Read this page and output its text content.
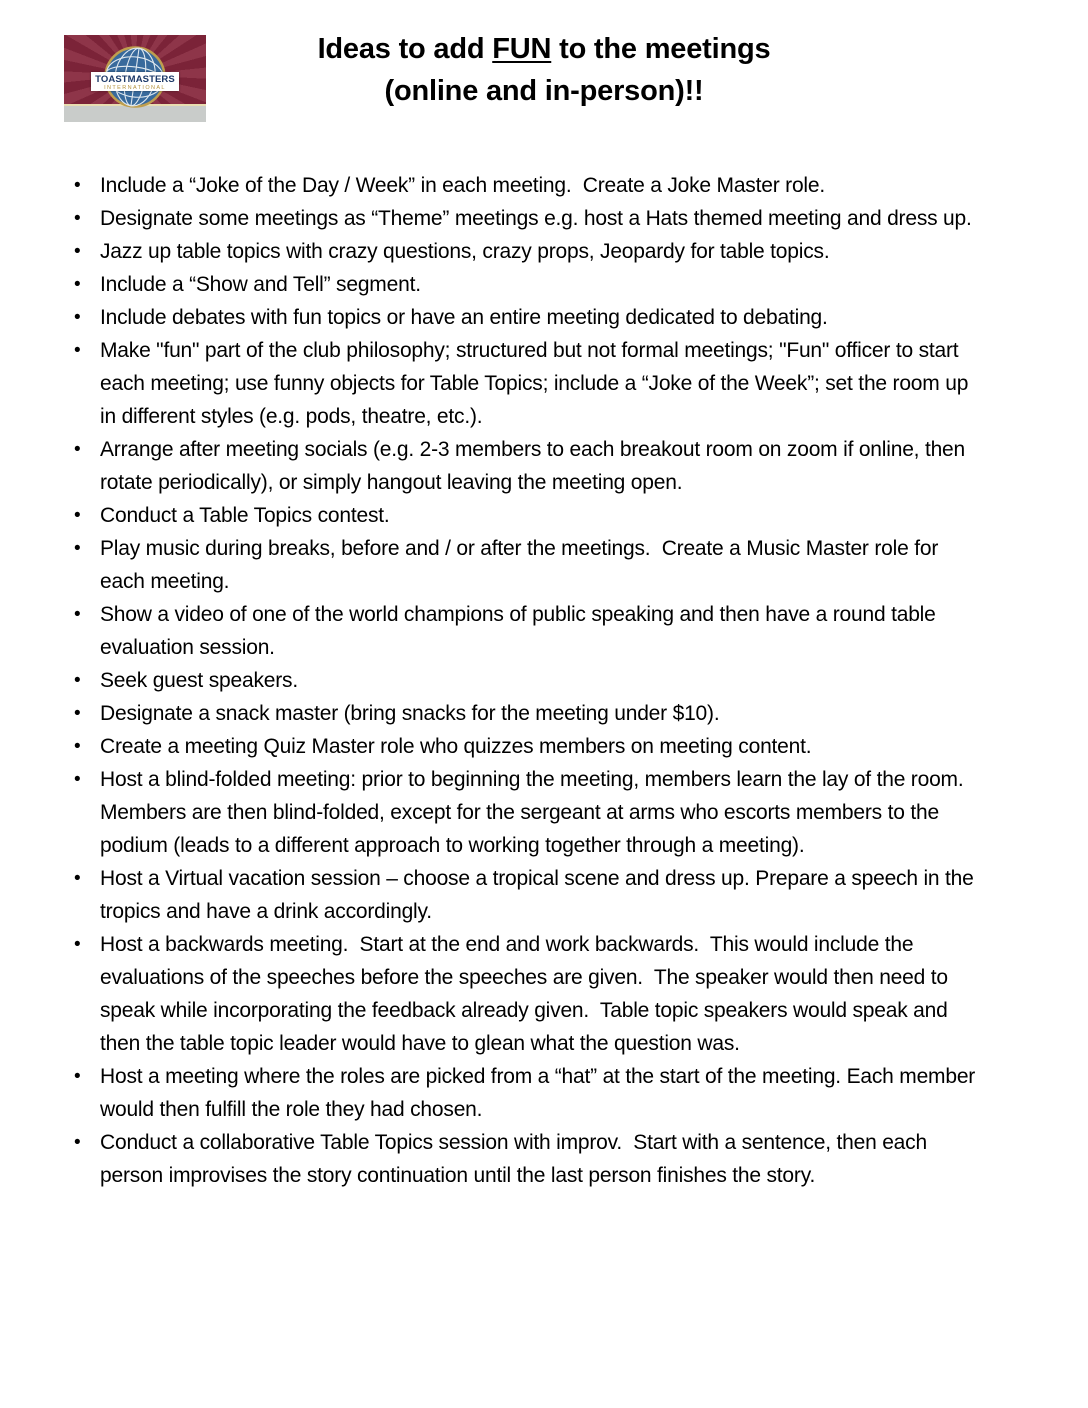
TOASTMASTERS
INTERNATIONAL
Ideas to add FUN to the meetings
(online and in-person)!!
• Include a “Joke of the Day / Week” in each meeting.  Create a Joke Master role.
• Designate some meetings as “Theme” meetings e.g. host a Hats themed meeting and dress up.
• Jazz up table topics with crazy questions, crazy props, Jeopardy for table topics.
• Include a “Show and Tell” segment.
• Include debates with fun topics or have an entire meeting dedicated to debating.
• Make "fun" part of the club philosophy; structured but not formal meetings; "Fun" officer to start each meeting; use funny objects for Table Topics; include a “Joke of the Week”; set the room up in different styles (e.g. pods, theatre, etc.).
• Arrange after meeting socials (e.g. 2-3 members to each breakout room on zoom if online, then rotate periodically), or simply hangout leaving the meeting open.
• Conduct a Table Topics contest.
• Play music during breaks, before and / or after the meetings.  Create a Music Master role for each meeting.
• Show a video of one of the world champions of public speaking and then have a round table evaluation session.
• Seek guest speakers.
• Designate a snack master (bring snacks for the meeting under $10).
• Create a meeting Quiz Master role who quizzes members on meeting content.
• Host a blind-folded meeting: prior to beginning the meeting, members learn the lay of the room. Members are then blind-folded, except for the sergeant at arms who escorts members to the podium (leads to a different approach to working together through a meeting).
• Host a Virtual vacation session – choose a tropical scene and dress up. Prepare a speech in the tropics and have a drink accordingly.
• Host a backwards meeting.  Start at the end and work backwards.  This would include the evaluations of the speeches before the speeches are given.  The speaker would then need to speak while incorporating the feedback already given.  Table topic speakers would speak and then the table topic leader would have to glean what the question was.
• Host a meeting where the roles are picked from a “hat” at the start of the meeting. Each member would then fulfill the role they had chosen.
• Conduct a collaborative Table Topics session with improv.  Start with a sentence, then each person improvises the story continuation until the last person finishes the story.
